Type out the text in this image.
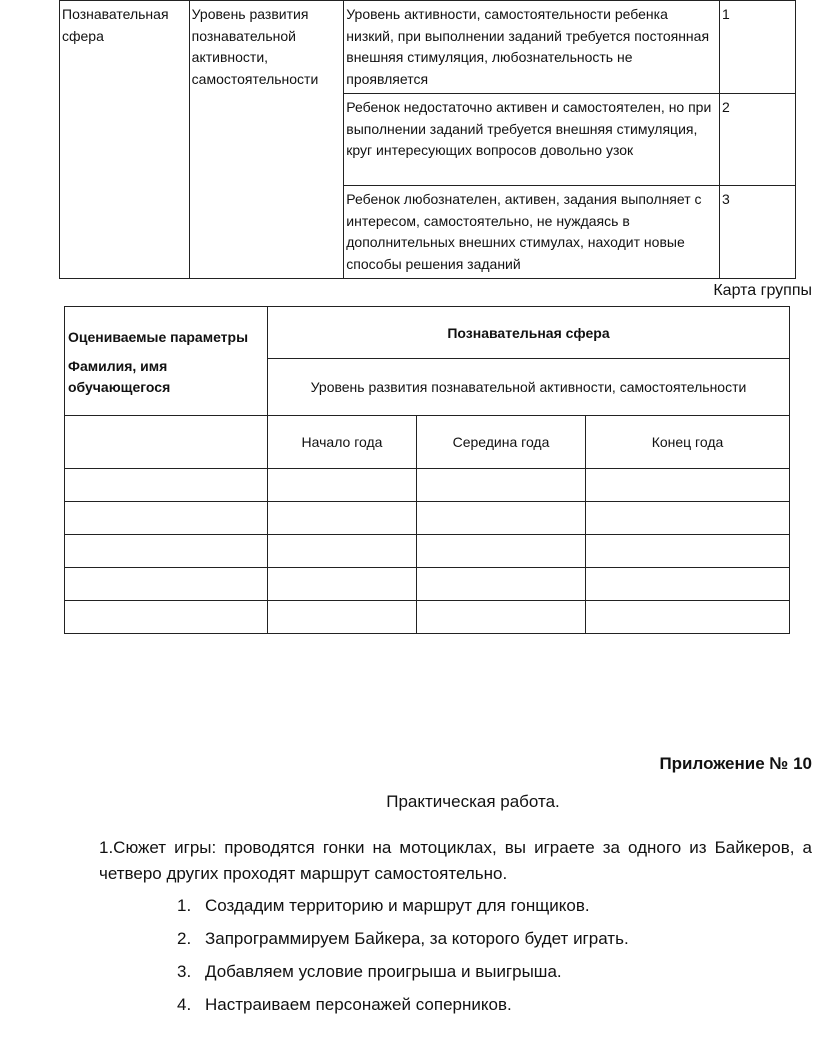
Познавательная сфера	Уровень развития познавательной активности, самостоятельности	Уровень активности, самостоятельности ребенка низкий, при выполнении заданий требуется постоянная внешняя стимуляция, любознательность не проявляется	1
		Ребенок недостаточно активен и самостоятелен, но при выполнении заданий требуется внешняя стимуляция, круг интересующих вопросов довольно узок	2
		Ребенок любознателен, активен, задания выполняет с интересом, самостоятельно, не нуждаясь в дополнительных внешних стимулах, находит новые способы решения заданий	3
Карта группы
Оцениваемые параметры
Фамилия, имя обучающегося	Познавательная сфера		
	Уровень развития познавательной активности, самостоятельности		
	Начало года	Середина года	Конец года

Приложение № 10
Практическая работа.
1.Сюжет игры: проводятся гонки на мотоциклах, вы играете за одного из Байкеров, а четверо других проходят маршрут самостоятельно.
1. Создадим территорию и маршрут для гонщиков.
2. Запрограммируем Байкера, за которого будет играть.
3. Добавляем условие проигрыша и выигрыша.
4. Настраиваем персонажей соперников.
